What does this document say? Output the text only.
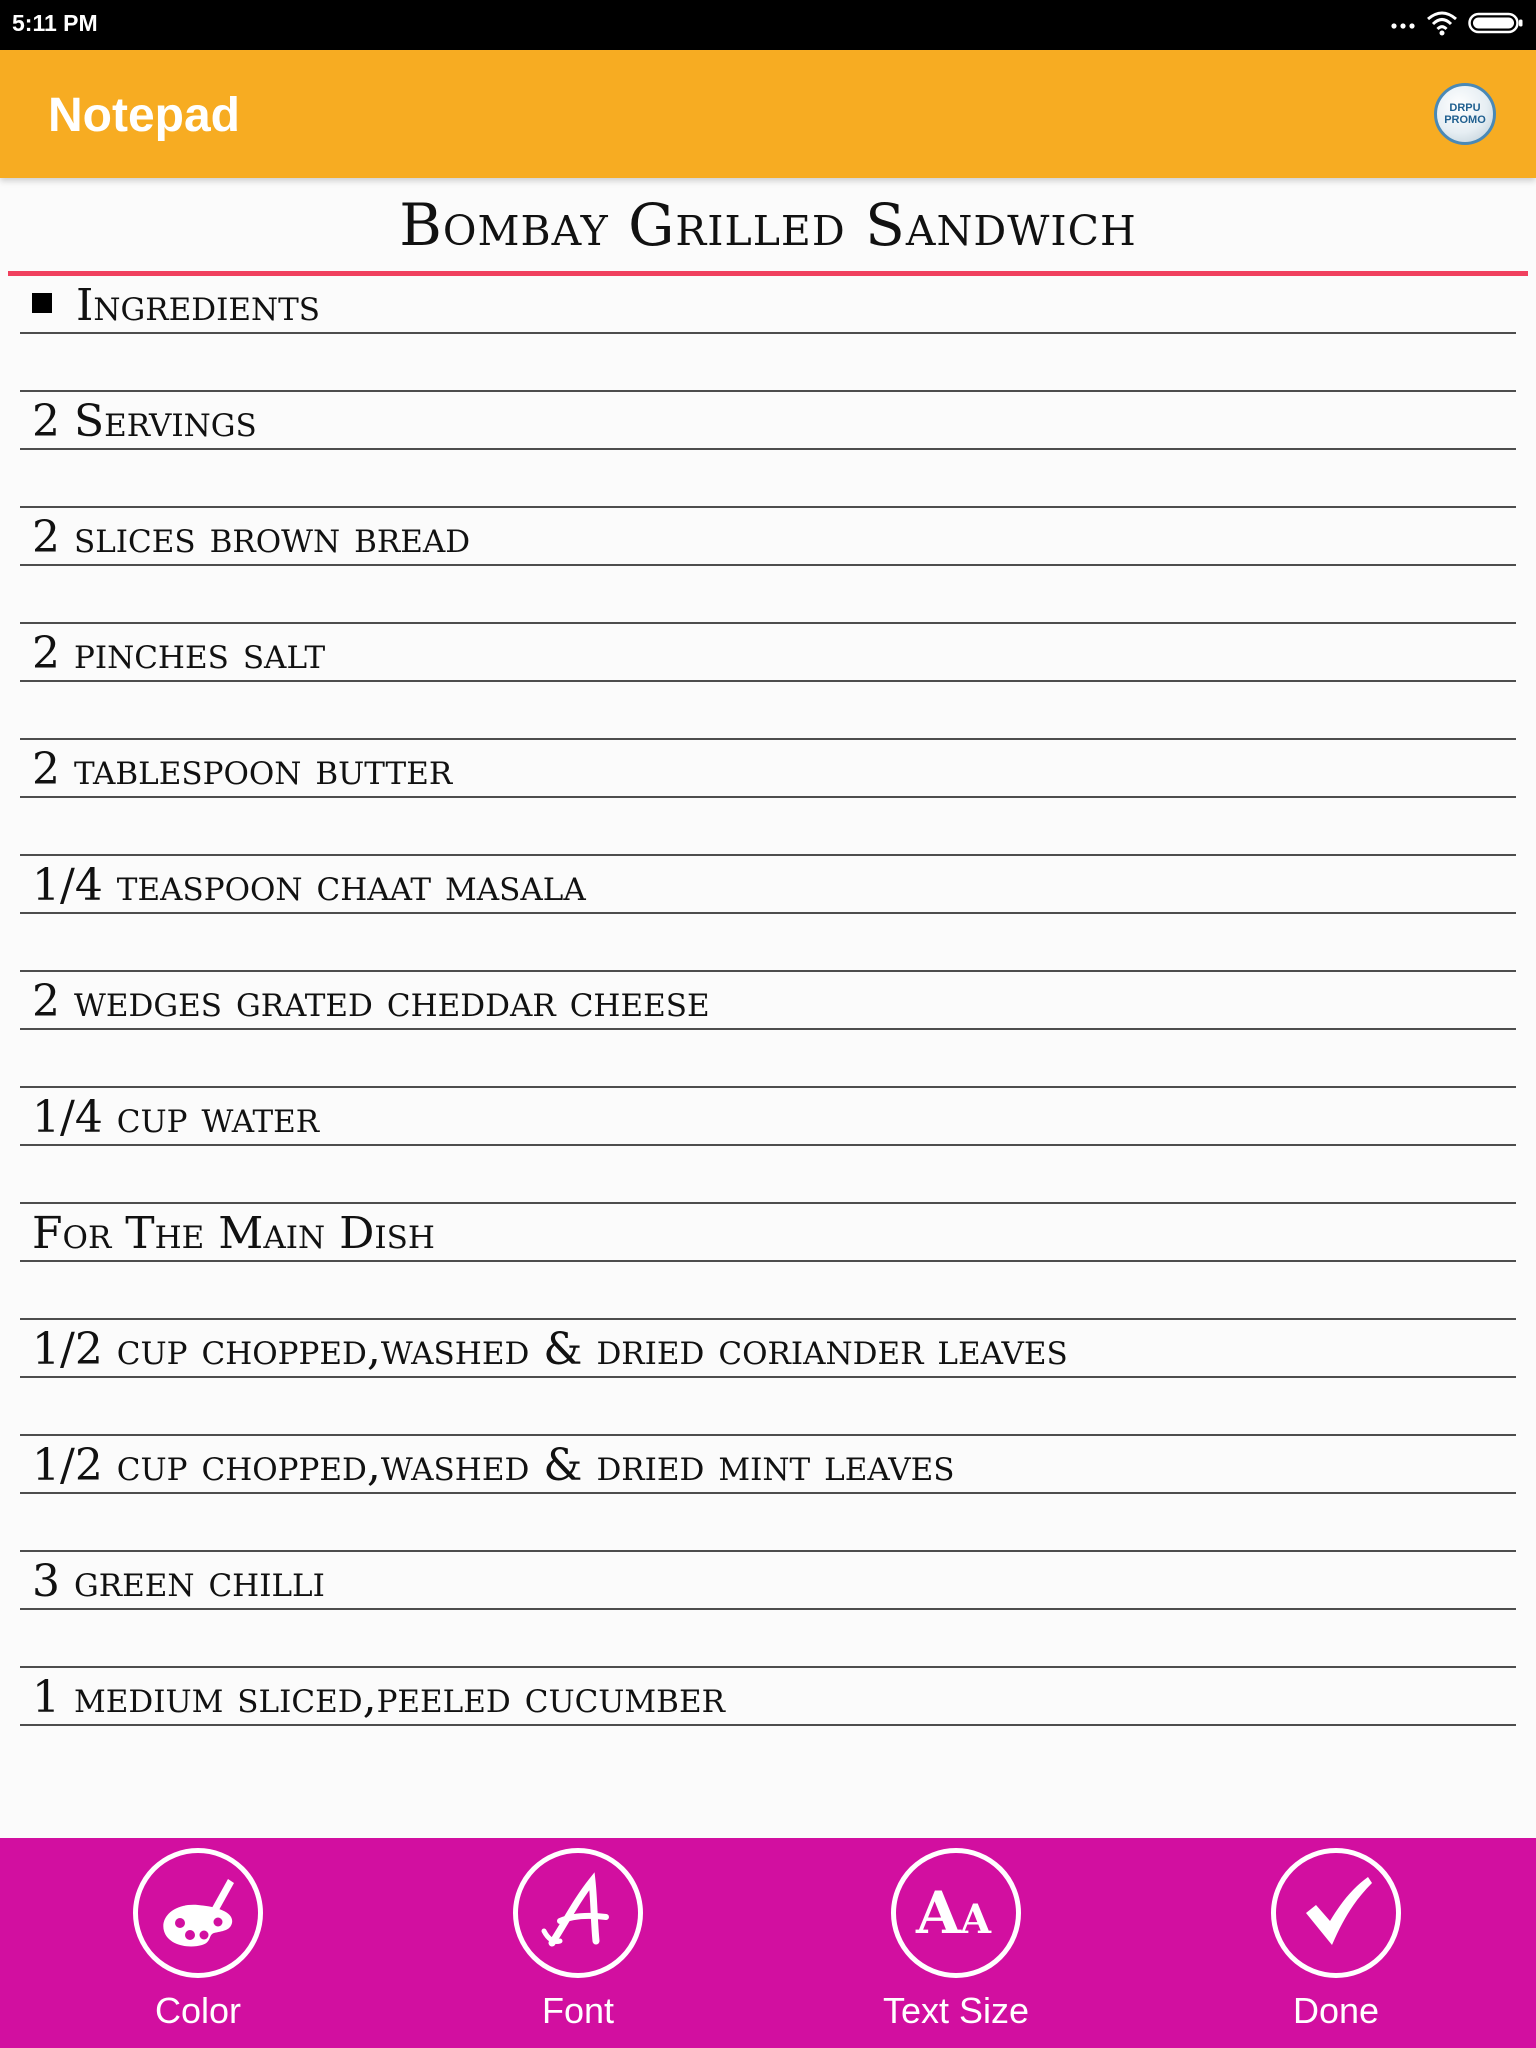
5:11 PM
Notepad	DRPU
PROMO
Bombay Grilled Sandwich
Ingredients
2 Servings
2 slices brown bread
2 pinches salt
2 tablespoon butter
1/4 teaspoon chaat masala
2 wedges grated cheddar cheese
1/4 cup water
For The Main Dish
1/2 cup chopped,washed & dried coriander leaves
1/2 cup chopped,washed & dried mint leaves
3 green chilli
1 medium sliced,peeled cucumber
Color	Font
A
A
Text Size	Done
